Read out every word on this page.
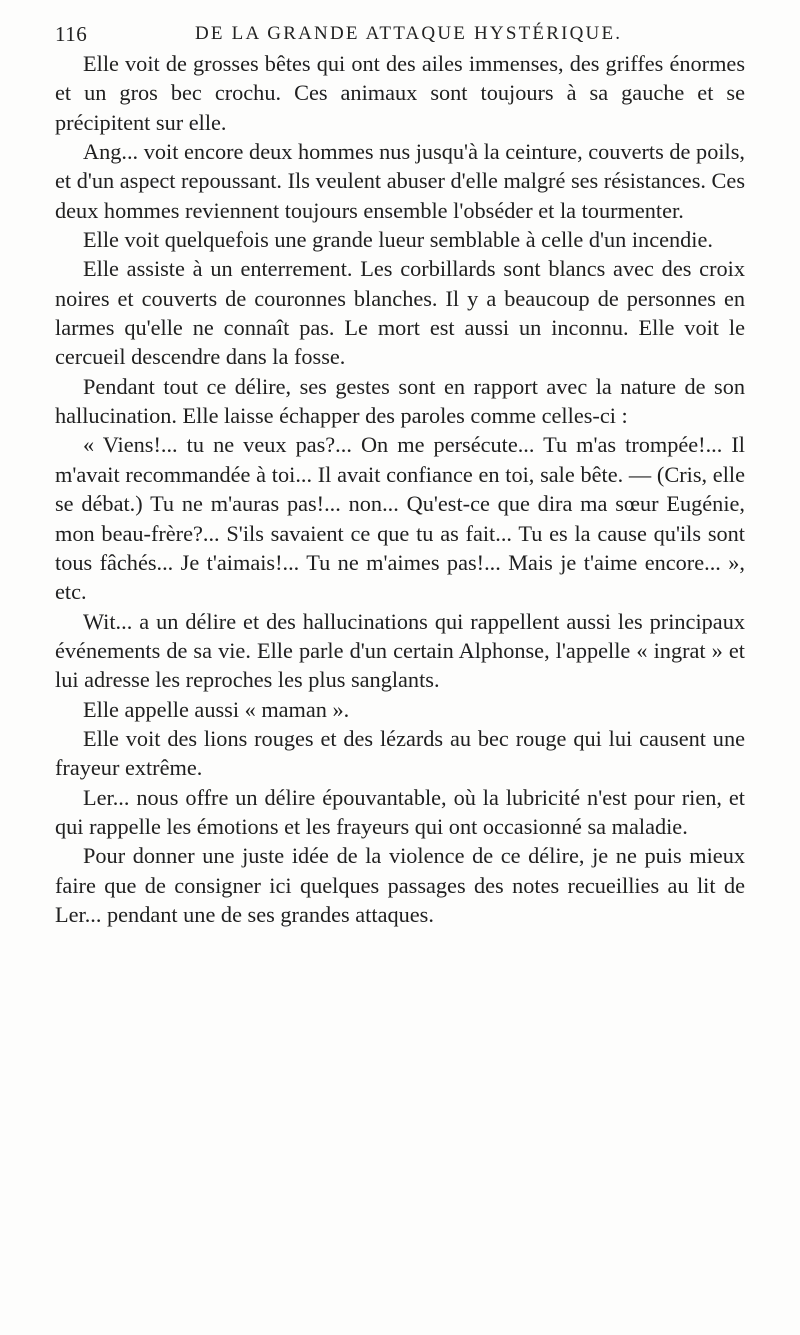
116	DE LA GRANDE ATTAQUE HYSTÉRIQUE.

Elle voit de grosses bêtes qui ont des ailes immenses, des griffes énormes et un gros bec crochu. Ces animaux sont toujours à sa gauche et se précipitent sur elle.

Ang... voit encore deux hommes nus jusqu'à la ceinture, couverts de poils, et d'un aspect repoussant. Ils veulent abuser d'elle malgré ses résistances. Ces deux hommes reviennent toujours ensemble l'obséder et la tourmenter.

Elle voit quelquefois une grande lueur semblable à celle d'un incendie.

Elle assiste à un enterrement. Les corbillards sont blancs avec des croix noires et couverts de couronnes blanches. Il y a beaucoup de personnes en larmes qu'elle ne connaît pas. Le mort est aussi un inconnu. Elle voit le cercueil descendre dans la fosse.

Pendant tout ce délire, ses gestes sont en rapport avec la nature de son hallucination. Elle laisse échapper des paroles comme celles-ci :

« Viens!... tu ne veux pas?... On me persécute... Tu m'as trompée!... Il m'avait recommandée à toi... Il avait confiance en toi, sale bête. — (Cris, elle se débat.) Tu ne m'auras pas!... non... Qu'est-ce que dira ma sœur Eugénie, mon beau-frère?... S'ils savaient ce que tu as fait... Tu es la cause qu'ils sont tous fâchés... Je t'aimais!... Tu ne m'aimes pas!... Mais je t'aime encore... », etc.

Wit... a un délire et des hallucinations qui rappellent aussi les principaux événements de sa vie. Elle parle d'un certain Alphonse, l'appelle « ingrat » et lui adresse les reproches les plus sanglants.

Elle appelle aussi « maman ».

Elle voit des lions rouges et des lézards au bec rouge qui lui causent une frayeur extrême.

Ler... nous offre un délire épouvantable, où la lubricité n'est pour rien, et qui rappelle les émotions et les frayeurs qui ont occasionné sa maladie.

Pour donner une juste idée de la violence de ce délire, je ne puis mieux faire que de consigner ici quelques passages des notes recueillies au lit de Ler... pendant une de ses grandes attaques.
